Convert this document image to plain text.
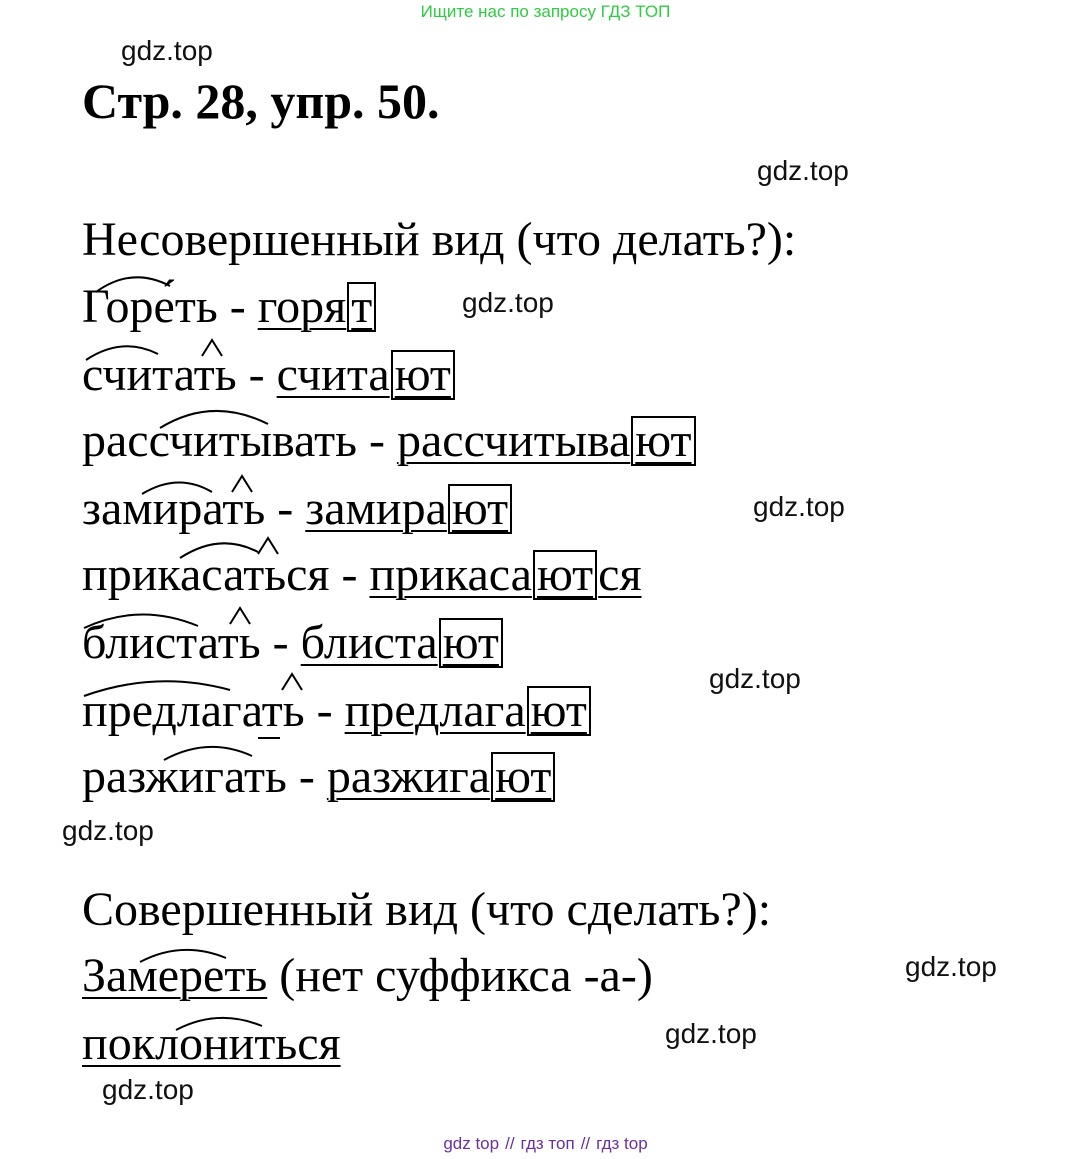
Ищите нас по запросу ГДЗ ТОП
gdz.top
gdz.top
gdz.top
gdz.top
gdz.top
gdz.top
gdz.top
gdz.top
gdz.top
Стр. 28, упр. 50.
Несовершенный вид (что делать?):
Горе́ть - горя т
считать - счита ют
рассчитывать - рассчитыва ют
замирать - замира ют
прикасаться - прикаса ют ся
блистать - блиста ют
предлагать - предлага ют
разжигать - разжига ют
Совершенный вид (что сделать?):
Замереть (нет суффикса -а-)
поклониться
gdz top // гдз топ // гдз top
